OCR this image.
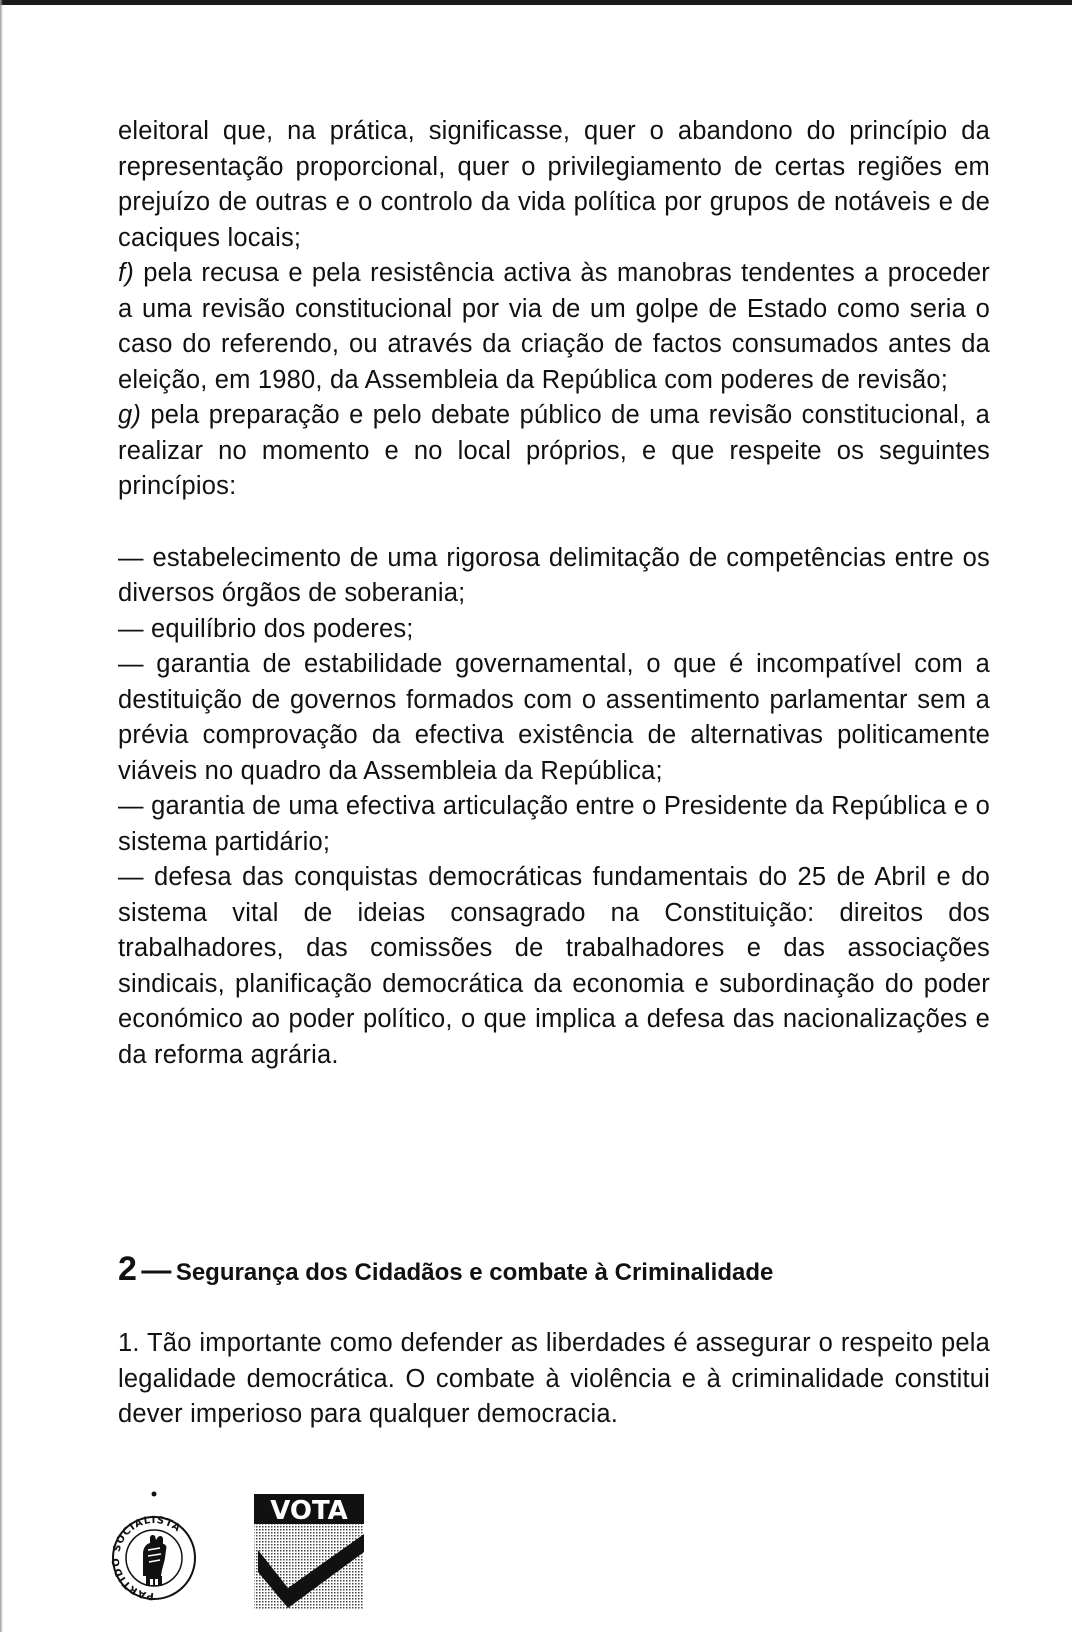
eleitoral que, na prática, significasse, quer o abandono do princípio da representação proporcional, quer o privilegiamento de certas regiões em prejuízo de outras e o controlo da vida política por grupos de notáveis e de caciques locais;

f) pela recusa e pela resistência activa às manobras tendentes a proceder a uma revisão constitucional por via de um golpe de Estado como seria o caso do referendo, ou através da criação de factos consumados antes da eleição, em 1980, da Assembleia da República com poderes de revisão;

g) pela preparação e pelo debate público de uma revisão constitucional, a realizar no momento e no local próprios, e que respeite os seguintes princípios:

— estabelecimento de uma rigorosa delimitação de competências entre os diversos órgãos de soberania;

— equilíbrio dos poderes;

— garantia de estabilidade governamental, o que é incompatível com a destituição de governos formados com o assentimento parlamentar sem a prévia comprovação da efectiva existência de alternativas politicamente viáveis no quadro da Assembleia da República;

— garantia de uma efectiva articulação entre o Presidente da República e o sistema partidário;

— defesa das conquistas democráticas fundamentais do 25 de Abril e do sistema vital de ideias consagrado na Constituição: direitos dos trabalhadores, das comissões de trabalhadores e das associações sindicais, planificação democrática da economia e subordinação do poder económico ao poder político, o que implica a defesa das nacionalizações e da reforma agrária.

2 — Segurança dos Cidadãos e combate à Criminalidade

1. Tão importante como defender as liberdades é assegurar o respeito pela legalidade democrática. O combate à violência e à criminalidade constitui dever imperioso para qualquer democracia.

PARTIDO SOCIALISTA
VOTA
